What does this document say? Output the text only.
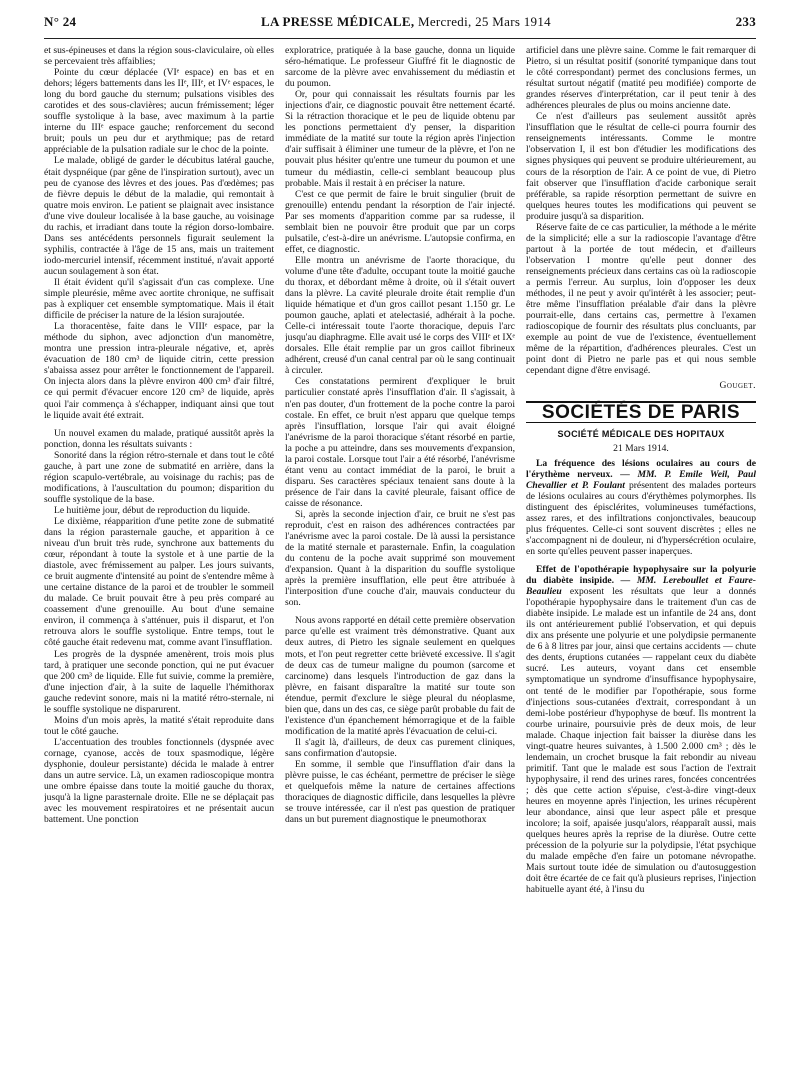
N° 24	LA PRESSE MÉDICALE, Mercredi, 25 Mars 1914	233

et sus-épineuses et dans la région sous-claviculaire, où elles se percevaient très affaiblies;

Pointe du cœur déplacée (VIᵉ espace) en bas et en dehors; légers battements dans les IIᵉ, IIIᵉ, et IVᵉ espaces, le long du bord gauche du sternum; pulsations visibles des carotides et des sous-clavières; aucun frémissement; léger souffle systolique à la base, avec maximum à la partie interne du IIIᵉ espace gauche; renforcement du second bruit; pouls un peu dur et arythmique; pas de retard appréciable de la pulsation radiale sur le choc de la pointe.

Le malade, obligé de garder le décubitus latéral gauche, était dyspnéique (par gêne de l'inspiration surtout), avec un peu de cyanose des lèvres et des joues. Pas d'œdèmes; pas de fièvre depuis le début de la maladie, qui remontait à quatre mois environ. Le patient se plaignait avec insistance d'une vive douleur localisée à la base gauche, au voisinage du rachis, et irradiant dans toute la région dorso-lombaire. Dans ses antécédents personnels figurait seulement la syphilis, contractée à l'âge de 15 ans, mais un traitement iodo-mercuriel intensif, récemment institué, n'avait apporté aucun soulagement à son état.

Il était évident qu'il s'agissait d'un cas complexe. Une simple pleurésie, même avec aortite chronique, ne suffisait pas à expliquer cet ensemble symptomatique. Mais il était difficile de préciser la nature de la lésion surajoutée.

La thoracentèse, faite dans le VIIIᵉ espace, par la méthode du siphon, avec adjonction d'un manomètre, montra une pression intra-pleurale négative, et, après évacuation de 180 cm³ de liquide citrin, cette pression s'abaissa assez pour arrêter le fonctionnement de l'appareil. On injecta alors dans la plèvre environ 400 cm³ d'air filtré, ce qui permit d'évacuer encore 120 cm³ de liquide, après quoi l'air commença à s'échapper, indiquant ainsi que tout le liquide avait été extrait.

Un nouvel examen du malade, pratiqué aussitôt après la ponction, donna les résultats suivants :

Sonorité dans la région rétro-sternale et dans tout le côté gauche, à part une zone de submatité en arrière, dans la région scapulo-vertébrale, au voisinage du rachis; pas de modifications, à l'auscultation du poumon; disparition du souffle systolique de la base.

Le huitième jour, début de reproduction du liquide.

Le dixième, réapparition d'une petite zone de submatité dans la région parasternale gauche, et apparition à ce niveau d'un bruit très rude, synchrone aux battements du cœur, répondant à toute la systole et à une partie de la diastole, avec frémissement au palper. Les jours suivants, ce bruit augmente d'intensité au point de s'entendre même à une certaine distance de la paroi et de troubler le sommeil du malade. Ce bruit pouvait être à peu près comparé au coassement d'une grenouille. Au bout d'une semaine environ, il commença à s'atténuer, puis il disparut, et l'on retrouva alors le souffle systolique. Entre temps, tout le côté gauche était redevenu mat, comme avant l'insufflation.

Les progrès de la dyspnée amenèrent, trois mois plus tard, à pratiquer une seconde ponction, qui ne put évacuer que 200 cm³ de liquide. Elle fut suivie, comme la première, d'une injection d'air, à la suite de laquelle l'hémithorax gauche redevint sonore, mais ni la matité rétro-sternale, ni le souffle systolique ne disparurent.

Moins d'un mois après, la matité s'était reproduite dans tout le côté gauche.

L'accentuation des troubles fonctionnels (dyspnée avec cornage, cyanose, accès de toux spasmodique, légère dysphonie, douleur persistante) décida le malade à entrer dans un autre service. Là, un examen radioscopique montra une ombre épaisse dans toute la moitié gauche du thorax, jusqu'à la ligne parasternale droite. Elle ne se déplaçait pas avec les mouvement respiratoires et ne présentait aucun battement. Une ponction

exploratrice, pratiquée à la base gauche, donna un liquide séro-hématique. Le professeur Giuffré fit le diagnostic de sarcome de la plèvre avec envahissement du médiastin et du poumon.

Or, pour qui connaissait les résultats fournis par les injections d'air, ce diagnostic pouvait être nettement écarté. Si la rétraction thoracique et le peu de liquide obtenu par les ponctions permettaient d'y penser, la disparition immédiate de la matité sur toute la région après l'injection d'air suffisait à éliminer une tumeur de la plèvre, et l'on ne pouvait plus hésiter qu'entre une tumeur du poumon et une tumeur du médiastin, celle-ci semblant beaucoup plus probable. Mais il restait à en préciser la nature.

C'est ce que permit de faire le bruit singulier (bruit de grenouille) entendu pendant la résorption de l'air injecté. Par ses moments d'apparition comme par sa rudesse, il semblait bien ne pouvoir être produit que par un corps pulsatile, c'est-à-dire un anévrisme. L'autopsie confirma, en effet, ce diagnostic.

Elle montra un anévrisme de l'aorte thoracique, du volume d'une tête d'adulte, occupant toute la moitié gauche du thorax, et débordant même à droite, où il s'était ouvert dans la plèvre. La cavité pleurale droite était remplie d'un liquide hématique et d'un gros caillot pesant 1.150 gr. Le poumon gauche, aplati et atelectasié, adhérait à la poche. Celle-ci intéressait toute l'aorte thoracique, depuis l'arc jusqu'au diaphragme. Elle avait usé le corps des VIIIᵉ et IXᵉ dorsales. Elle était remplie par un gros caillot fibrineux adhérent, creusé d'un canal central par où le sang continuait à circuler.

Ces constatations permirent d'expliquer le bruit particulier constaté après l'insufflation d'air. Il s'agissait, à n'en pas douter, d'un frottement de la poche contre la paroi costale. En effet, ce bruit n'est apparu que quelque temps après l'insufflation, lorsque l'air qui avait éloigné l'anévrisme de la paroi thoracique s'étant résorbé en partie, la poche a pu atteindre, dans ses mouvements d'expansion, la paroi costale. Lorsque tout l'air a été résorbé, l'anévrisme étant venu au contact immédiat de la paroi, le bruit a disparu. Ses caractères spéciaux tenaient sans doute à la présence de l'air dans la cavité pleurale, faisant office de caisse de résonance.

Si, après la seconde injection d'air, ce bruit ne s'est pas reproduit, c'est en raison des adhérences contractées par l'anévrisme avec la paroi costale. De là aussi la persistance de la matité sternale et parasternale. Enfin, la coagulation du contenu de la poche avait supprimé son mouvement d'expansion. Quant à la disparition du souffle systolique après la première insufflation, elle peut être attribuée à l'interposition d'une couche d'air, mauvais conducteur du son.

Nous avons rapporté en détail cette première observation parce qu'elle est vraiment très démonstrative. Quant aux deux autres, di Pietro les signale seulement en quelques mots, et l'on peut regretter cette brièveté excessive. Il s'agit de deux cas de tumeur maligne du poumon (sarcome et carcinome) dans lesquels l'introduction de gaz dans la plèvre, en faisant disparaître la matité sur toute son étendue, permit d'exclure le siège pleural du néoplasme, bien que, dans un des cas, ce siège parût probable du fait de l'existence d'un épanchement hémorragique et de la faible modification de la matité après l'évacuation de celui-ci.

Il s'agit là, d'ailleurs, de deux cas purement cliniques, sans confirmation d'autopsie.

En somme, il semble que l'insufflation d'air dans la plèvre puisse, le cas échéant, permettre de préciser le siège et quelquefois même la nature de certaines affections thoraciques de diagnostic difficile, dans lesquelles la plèvre se trouve intéressée, car il n'est pas question de pratiquer dans un but purement diagnostique le pneumothorax

artificiel dans une plèvre saine. Comme le fait remarquer di Pietro, si un résultat positif (sonorité tympanique dans tout le côté correspondant) permet des conclusions fermes, un résultat surtout négatif (matité peu modifiée) comporte de grandes réserves d'interprétation, car il peut tenir à des adhérences pleurales de plus ou moins ancienne date.

Ce n'est d'ailleurs pas seulement aussitôt après l'insufflation que le résultat de celle-ci pourra fournir des renseignements intéressants. Comme le montre l'observation I, il est bon d'étudier les modifications des signes physiques qui peuvent se produire ultérieurement, au cours de la résorption de l'air. A ce point de vue, di Pietro fait observer que l'insufflation d'acide carbonique serait préférable, sa rapide résorption permettant de suivre en quelques heures toutes les modifications qui peuvent se produire jusqu'à sa disparition.

Réserve faite de ce cas particulier, la méthode a le mérite de la simplicité; elle a sur la radioscopie l'avantage d'être partout à la portée de tout médecin, et d'ailleurs l'observation I montre qu'elle peut donner des renseignements précieux dans certains cas où la radioscopie a permis l'erreur. Au surplus, loin d'opposer les deux méthodes, il ne peut y avoir qu'intérêt à les associer; peut-être même l'insufflation préalable d'air dans la plèvre pourrait-elle, dans certains cas, permettre à l'examen radioscopique de fournir des résultats plus concluants, par exemple au point de vue de l'existence, éventuellement même de la répartition, d'adhérences pleurales. C'est un point dont di Pietro ne parle pas et qui nous semble cependant digne d'être envisagé.

Gouget.

SOCIÉTÉS DE PARIS
SOCIÉTÉ MÉDICALE DES HOPITAUX
21 Mars 1914.

La fréquence des lésions oculaires au cours de l'érythème nerveux. — MM. P. Emile Weil, Paul Chevallier et P. Foulant présentent des malades porteurs de lésions oculaires au cours d'érythèmes polymorphes. Ils distinguent des épisclérites, volumineuses tuméfactions, assez rares, et des infiltrations conjonctivales, beaucoup plus fréquentes. Celle-ci sont souvent discrètes ; elles ne s'accompagnent ni de douleur, ni d'hypersécrétion oculaire, en sorte qu'elles peuvent passer inaperçues.

Effet de l'opothérapie hypophysaire sur la polyurie du diabète insipide. — MM. Lereboullet et Faure-Beaulieu exposent les résultats que leur a donnés l'opothérapie hypophysaire dans le traitement d'un cas de diabète insipide. Le malade est un infantile de 24 ans, dont ils ont antérieurement publié l'observation, et qui depuis dix ans présente une polyurie et une polydipsie permanente de 6 à 8 litres par jour, ainsi que certains accidents — chute des dents, éruptions cutanées — rappelant ceux du diabète sucré. Les auteurs, voyant dans cet ensemble symptomatique un syndrome d'insuffisance hypophysaire, ont tenté de le modifier par l'opothérapie, sous forme d'injections sous-cutanées d'extrait, correspondant à un demi-lobe postérieur d'hypophyse de bœuf. Ils montrent la courbe urinaire, poursuivie près de deux mois, de leur malade. Chaque injection fait baisser la diurèse dans les vingt-quatre heures suivantes, à 1.500 2.000 cm³ ; dès le lendemain, un crochet brusque la fait rebondir au niveau primitif. Tant que le malade est sous l'action de l'extrait hypophysaire, il rend des urines rares, foncées concentrées ; dès que cette action s'épuise, c'est-à-dire vingt-deux heures en moyenne après l'injection, les urines récupèrent leur abondance, ainsi que leur aspect pâle et presque incolore; la soif, apaisée jusqu'alors, réapparaît aussi, mais quelques heures après la reprise de la diurèse. Outre cette précession de la polyurie sur la polydipsie, l'état psychique du malade empêche d'en faire un potomane névropathe. Mais surtout toute idée de simulation ou d'autosuggestion doit être écartée de ce fait qu'à plusieurs reprises, l'injection habituelle ayant été, à l'insu du
